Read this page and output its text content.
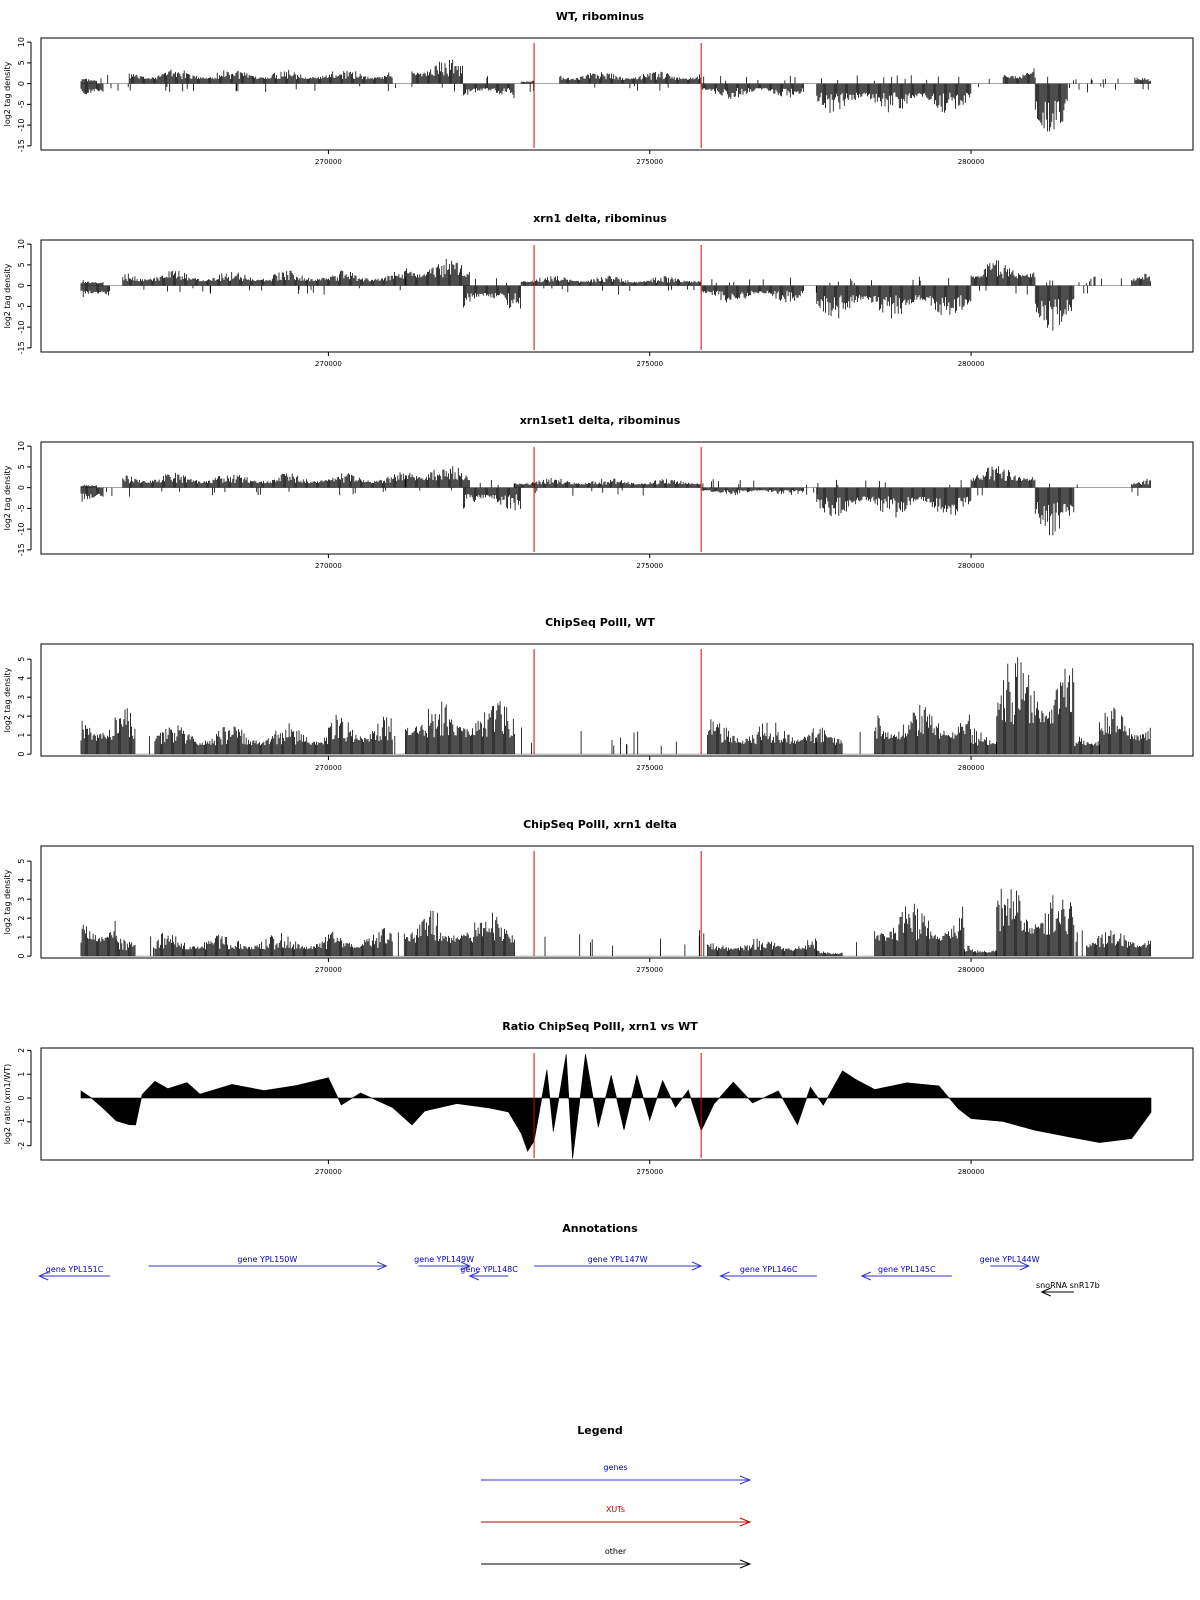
WT, ribominus
10
5
0
-5
-10
-15
log2 tag density
270000	275000	280000
xrn1 delta, ribominus
10
5
0
-5
-10
-15
log2 tag density
270000	275000	280000
xrn1set1 delta, ribominus
10
5
0
-5
-10
-15
log2 tag density
270000	275000	280000
ChipSeq PolII, WT
0
1
2
3
4
5
log2 tag density
270000	275000	280000
ChipSeq PolII, xrn1 delta
0
1
2
3
4
5
log2 tag density
270000	275000	280000
Ratio ChipSeq PolII, xrn1 vs WT
2
1
0
-1
-2
log2 ratio (xrn1/WT)
270000	275000	280000
Annotations
gene YPL151C
gene YPL150W	gene YPL149W
gene YPL148C
gene YPL147W
gene YPL146C	gene YPL145C
gene YPL144W
snoRNA snR17b
Legend
genes
XUTs
other
